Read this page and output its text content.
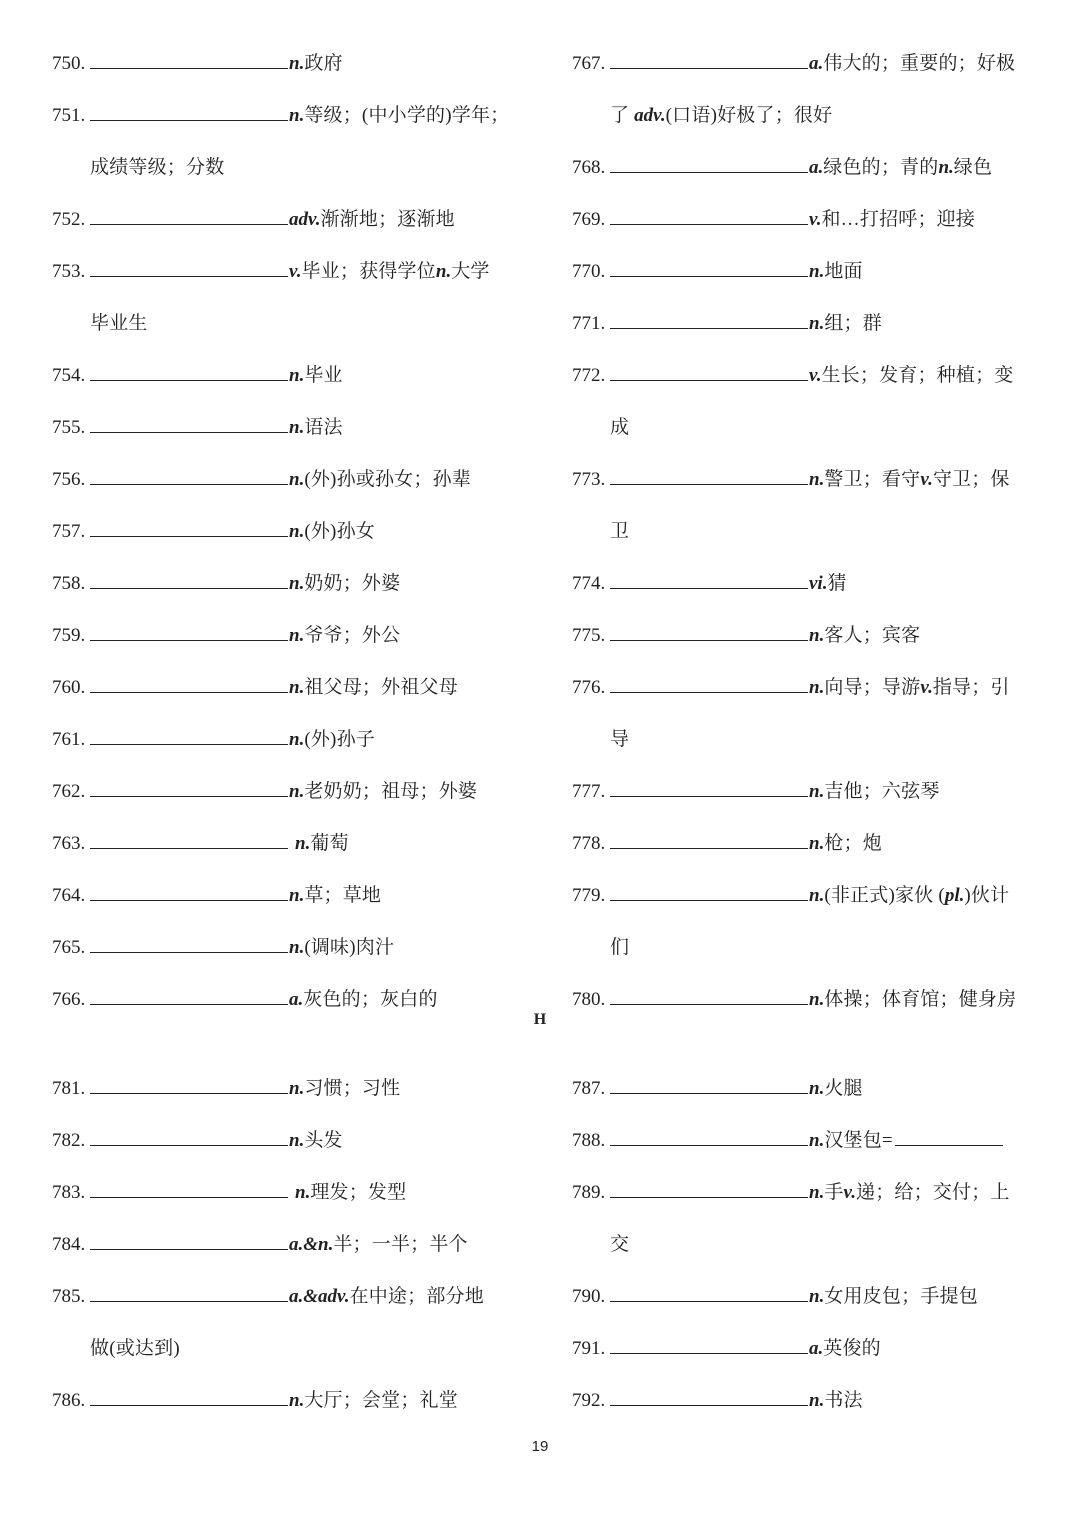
750.	n. 政府
751.	n. 等级；(中小学的)学年；
成绩等级；分数
752.	adv. 渐渐地；逐渐地
753.	v. 毕业；获得学位 n. 大学
毕业生
754.	n. 毕业
755.	n. 语法
756.	n. (外)孙或孙女；孙辈
757.	n. (外)孙女
758.	n. 奶奶；外婆
759.	n. 爷爷；外公
760.	n. 祖父母；外祖父母
761.	n. (外)孙子
762.	n. 老奶奶；祖母；外婆
763.	n. 葡萄
764.	n. 草；草地
765.	n. (调味)肉汁
766.	a. 灰色的；灰白的
767.	a. 伟大的；重要的；好极
了 adv.(口语)好极了；很好
768.	a. 绿色的；青的 n. 绿色
769.	v. 和…打招呼；迎接
770.	n. 地面
771.	n. 组；群
772.	v. 生长；发育；种植；变
成
773.	n. 警卫；看守 v. 守卫；保
卫
774.	vi. 猜
775.	n. 客人；宾客
776.	n. 向导；导游 v. 指导；引
导
777.	n. 吉他；六弦琴
778.	n. 枪；炮
779.	n. (非正式)家伙 ( pl. )伙计
们
780.	n. 体操；体育馆；健身房
H
781.	n. 习惯；习性
782.	n. 头发
783.	n. 理发；发型
784.	a.&n. 半；一半；半个
785.	a.&adv. 在中途；部分地
做(或达到)
786.	n. 大厅；会堂；礼堂
787.	n. 火腿
788.	n. 汉堡包=
789.	n. 手 v. 递；给；交付；上
交
790.	n. 女用皮包；手提包
791.	a. 英俊的
792.	n. 书法
19
